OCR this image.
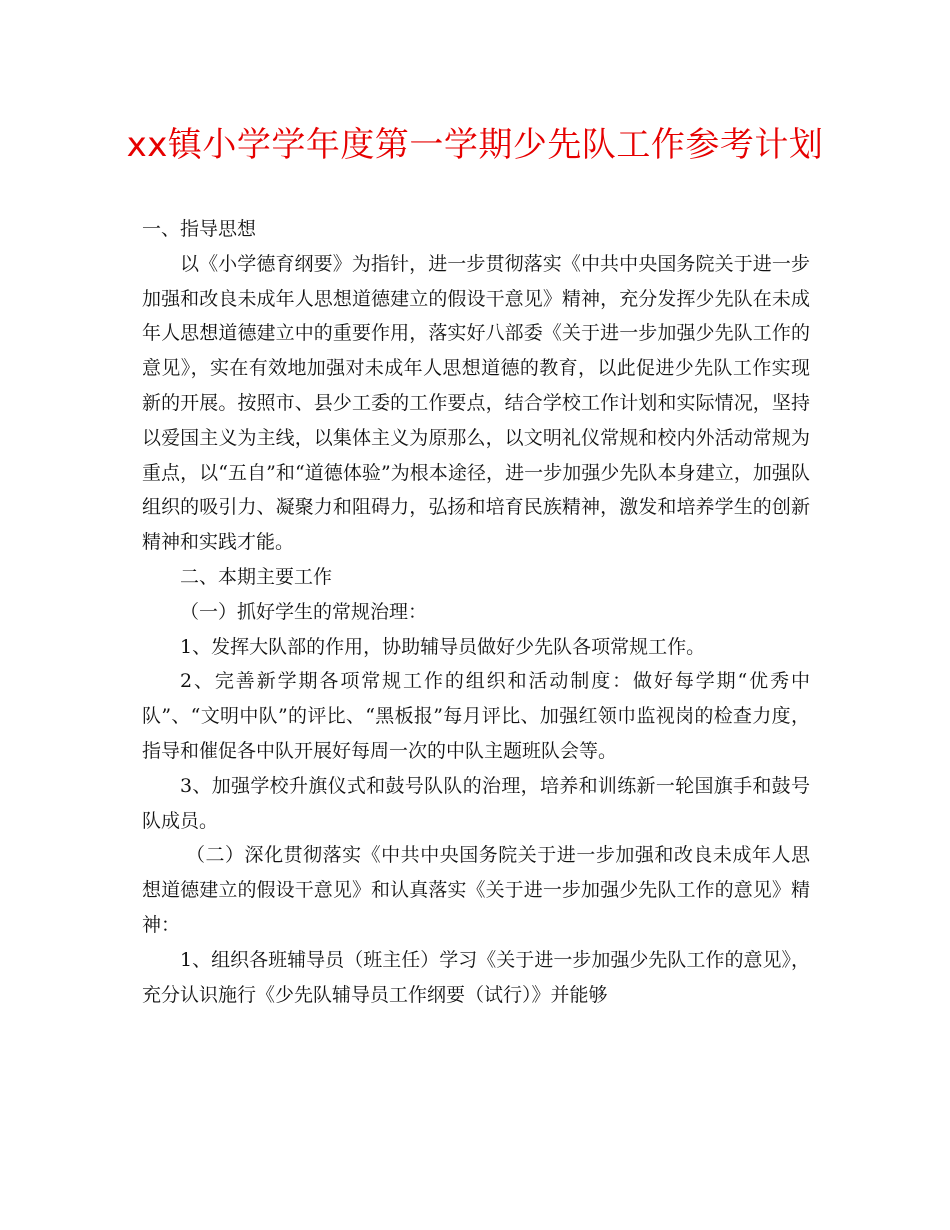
xx镇小学学年度第一学期少先队工作参考计划

一、指导思想

以《小学德育纲要》为指针，进一步贯彻落实《中共中央国务院关于进一步加强和改良未成年人思想道德建立的假设干意见》精神，充分发挥少先队在未成年人思想道德建立中的重要作用，落实好八部委《关于进一步加强少先队工作的意见》，实在有效地加强对未成年人思想道德的教育，以此促进少先队工作实现新的开展。按照市、县少工委的工作要点，结合学校工作计划和实际情况，坚持以爱国主义为主线，以集体主义为原那么，以文明礼仪常规和校内外活动常规为重点，以“五自”和“道德体验”为根本途径，进一步加强少先队本身建立，加强队组织的吸引力、凝聚力和阻碍力，弘扬和培育民族精神，激发和培养学生的创新精神和实践才能。

二、本期主要工作

（一）抓好学生的常规治理：

1、发挥大队部的作用，协助辅导员做好少先队各项常规工作。

2、完善新学期各项常规工作的组织和活动制度：做好每学期“优秀中队”、“文明中队”的评比、“黑板报”每月评比、加强红领巾监视岗的检查力度，指导和催促各中队开展好每周一次的中队主题班队会等。

3、加强学校升旗仪式和鼓号队队的治理，培养和训练新一轮国旗手和鼓号队成员。

（二）深化贯彻落实《中共中央国务院关于进一步加强和改良未成年人思想道德建立的假设干意见》和认真落实《关于进一步加强少先队工作的意见》精神：

1、组织各班辅导员（班主任）学习《关于进一步加强少先队工作的意见》，充分认识施行《少先队辅导员工作纲要（试行）》并能够
